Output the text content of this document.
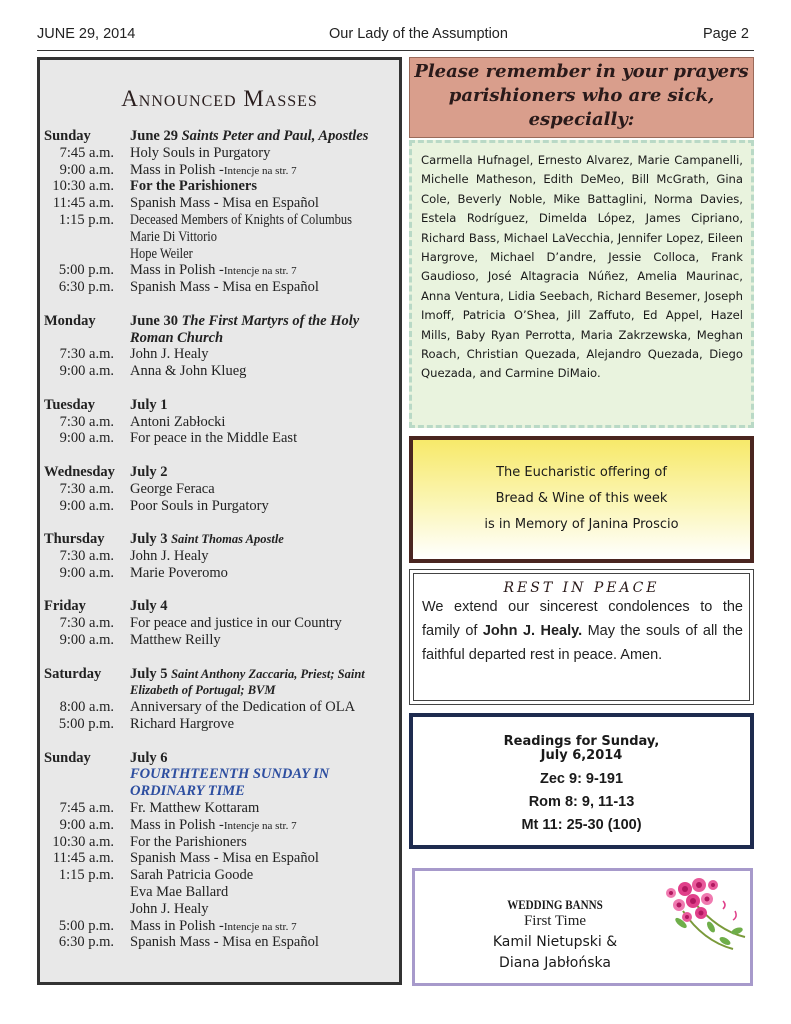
JUNE 29, 2014	Our Lady of the Assumption	Page 2
Announced Masses
Sunday	June 29 Saints Peter and Paul, Apostles
7:45 a.m. Holy Souls in Purgatory
9:00 a.m. Mass in Polish -Intencje na str. 7
10:30 a.m. For the Parishioners
11:45 a.m. Spanish Mass - Misa en Español
1:15 p.m. Deceased Members of Knights of Columbus
Marie Di Vittorio
Hope Weiler
5:00 p.m. Mass in Polish -Intencje na str. 7
6:30 p.m. Spanish Mass - Misa en Español
Monday June 30 The First Martyrs of the Holy
Roman Church
7:30 a.m. John J. Healy
9:00 a.m. Anna & John Klueg
Tuesday July 1
7:30 a.m. Antoni Zabłocki
9:00 a.m. For peace in the Middle East
Wednesday July 2
7:30 a.m. George Feraca
9:00 a.m. Poor Souls in Purgatory
Thursday July 3 Saint Thomas Apostle
7:30 a.m. John J. Healy
9:00 a.m. Marie Poveromo
Friday	July 4
7:30 a.m. For peace and justice in our Country
9:00 a.m. Matthew Reilly
Saturday July 5 Saint Anthony Zaccaria, Priest; Saint
Elizabeth of Portugal; BVM
8:00 a.m. Anniversary of the Dedication of OLA
5:00 p.m. Richard Hargrove
Sunday	July 6
FOURTHTEENTH SUNDAY IN
ORDINARY TIME
7:45 a.m. Fr. Matthew Kottaram
9:00 a.m. Mass in Polish -Intencje na str. 7
10:30 a.m. For the Parishioners
11:45 a.m. Spanish Mass - Misa en Español
1:15 p.m. Sarah Patricia Goode
Eva Mae Ballard
John J. Healy
5:00 p.m. Mass in Polish -Intencje na str. 7
6:30 p.m. Spanish Mass - Misa en Español
Please remember in your prayers
parishioners who are sick,
especially:
Carmella Hufnagel, Ernesto Alvarez, Marie Campanelli, Michelle Matheson, Edith DeMeo, Bill McGrath, Gina Cole, Beverly Noble, Mike Battaglini, Norma Davies, Estela Rodríguez, Dimelda López, James Cipriano, Richard Bass, Michael LaVecchia, Jennifer Lopez, Eileen Hargrove, Michael D’andre, Jessie Colloca, Frank Gaudioso, José Altagracia Núñez, Amelia Maurinac, Anna Ventura, Lidia Seebach, Richard Besemer, Joseph Imoff, Patricia O’Shea, Jill Zaffuto, Ed Appel, Hazel Mills, Baby Ryan Perrotta, Maria Zakrzewska, Meghan Roach, Christian Quezada, Alejandro Quezada, Diego Quezada, and Carmine DiMaio.
The Eucharistic offering of
Bread & Wine of this week
is in Memory of Janina Proscio
REST IN PEACE
We extend our sincerest condolences to the family of John J. Healy. May the souls of all the faithful departed rest in peace. Amen.
Readings for Sunday,
July 6,2014
Zec 9: 9-191
Rom 8: 9, 11-13
Mt 11: 25-30 (100)
WEDDING BANNS
First Time
Kamil Nietupski &
Diana Jabłońska
